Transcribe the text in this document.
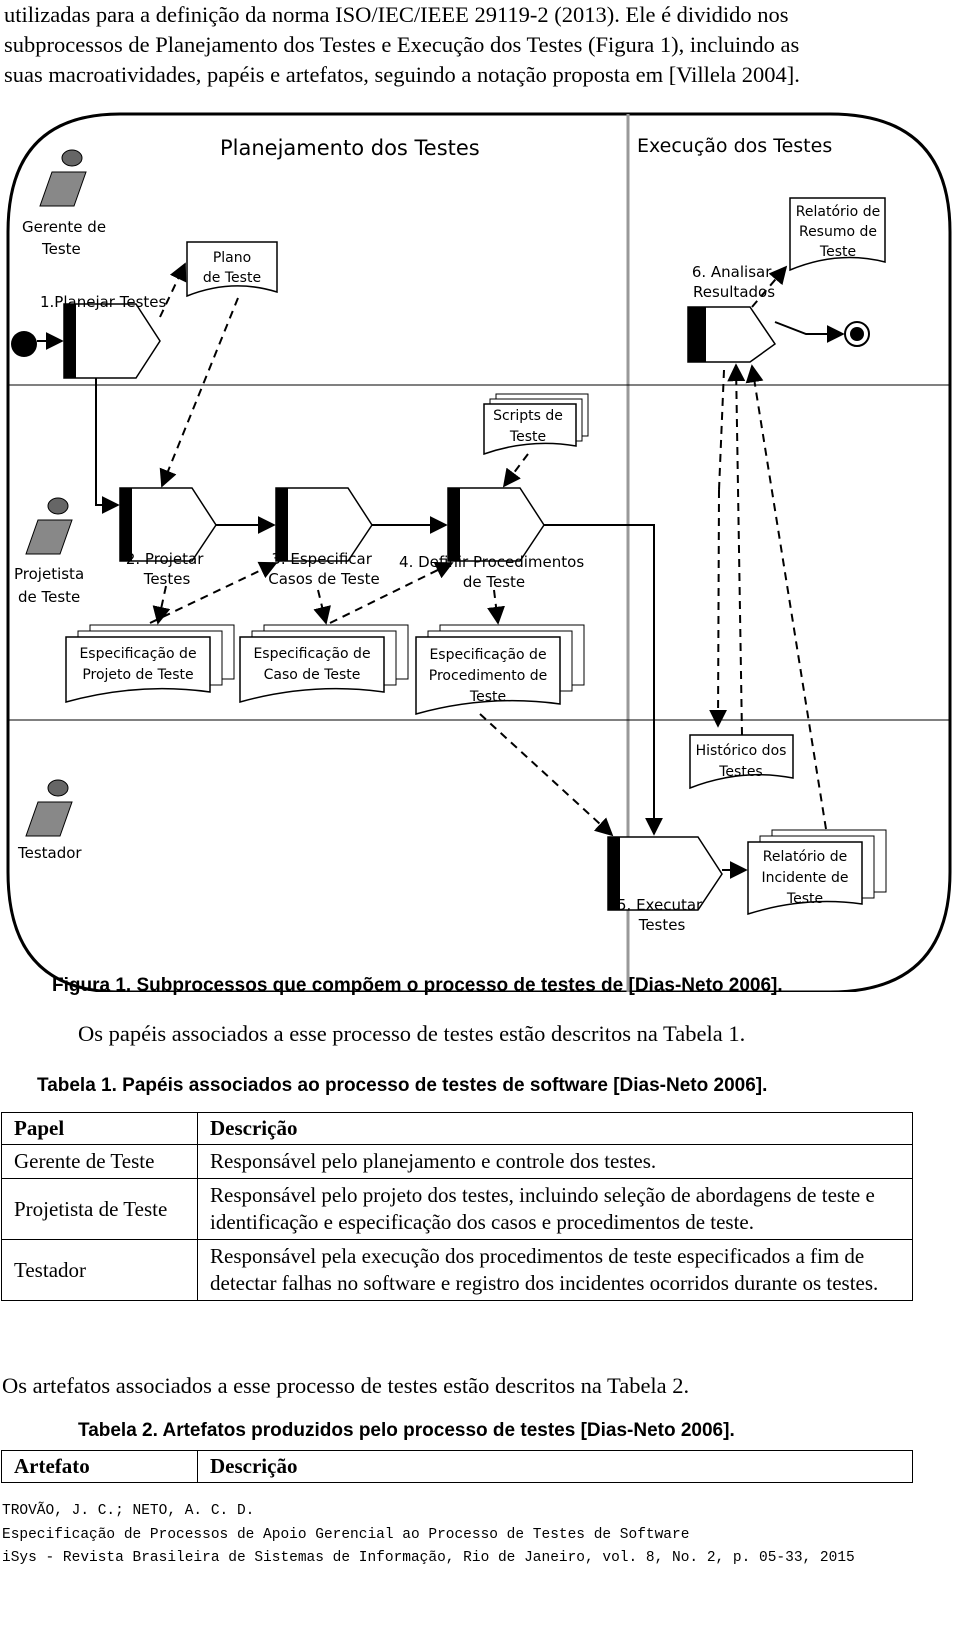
utilizadas para a definição da norma ISO/IEC/IEEE 29119-2 (2013). Ele é dividido nos

subprocessos de Planejamento dos Testes e Execução dos Testes (Figura 1), incluindo as

suas macroatividades, papéis e artefatos, seguindo a notação proposta em [Villela 2004].

Planejamento dos Testes	Execução dos Testes
Gerente de Teste
Projetista de Teste
Testador
1.Planejar Testes
2. Projetar Testes
3. Especificar Casos de Teste
4. Definir Procedimentos de Teste
5. Executar Testes
6. Analisar Resultados
Plano de Teste
Relatório de Resumo de Teste
Scripts de Teste
Especificação de Projeto de Teste
Especificação de Caso de Teste
Especificação de Procedimento de Teste
Histórico dos Testes
Relatório de Incidente de Teste
Figura 1. Subprocessos que compõem o processo de testes de [Dias-Neto 2006].
Os papéis associados a esse processo de testes estão descritos na Tabela 1.
Tabela 1. Papéis associados ao processo de testes de software [Dias-Neto 2006].
Papel	Descrição
Gerente de Teste	Responsável pelo planejamento e controle dos testes.
Projetista de Teste	Responsável pelo projeto dos testes, incluindo seleção de abordagens de teste e identificação e especificação dos casos e procedimentos de teste.
Testador	Responsável pela execução dos procedimentos de teste especificados a fim de detectar falhas no software e registro dos incidentes ocorridos durante os testes.
Os artefatos associados a esse processo de testes estão descritos na Tabela 2.
Tabela 2. Artefatos produzidos pelo processo de testes [Dias-Neto 2006].
Artefato	Descrição
TROVÃO, J. C.; NETO, A. C. D.
Especificação de Processos de Apoio Gerencial ao Processo de Testes de Software
iSys - Revista Brasileira de Sistemas de Informação, Rio de Janeiro, vol. 8, No. 2, p. 05-33, 2015
